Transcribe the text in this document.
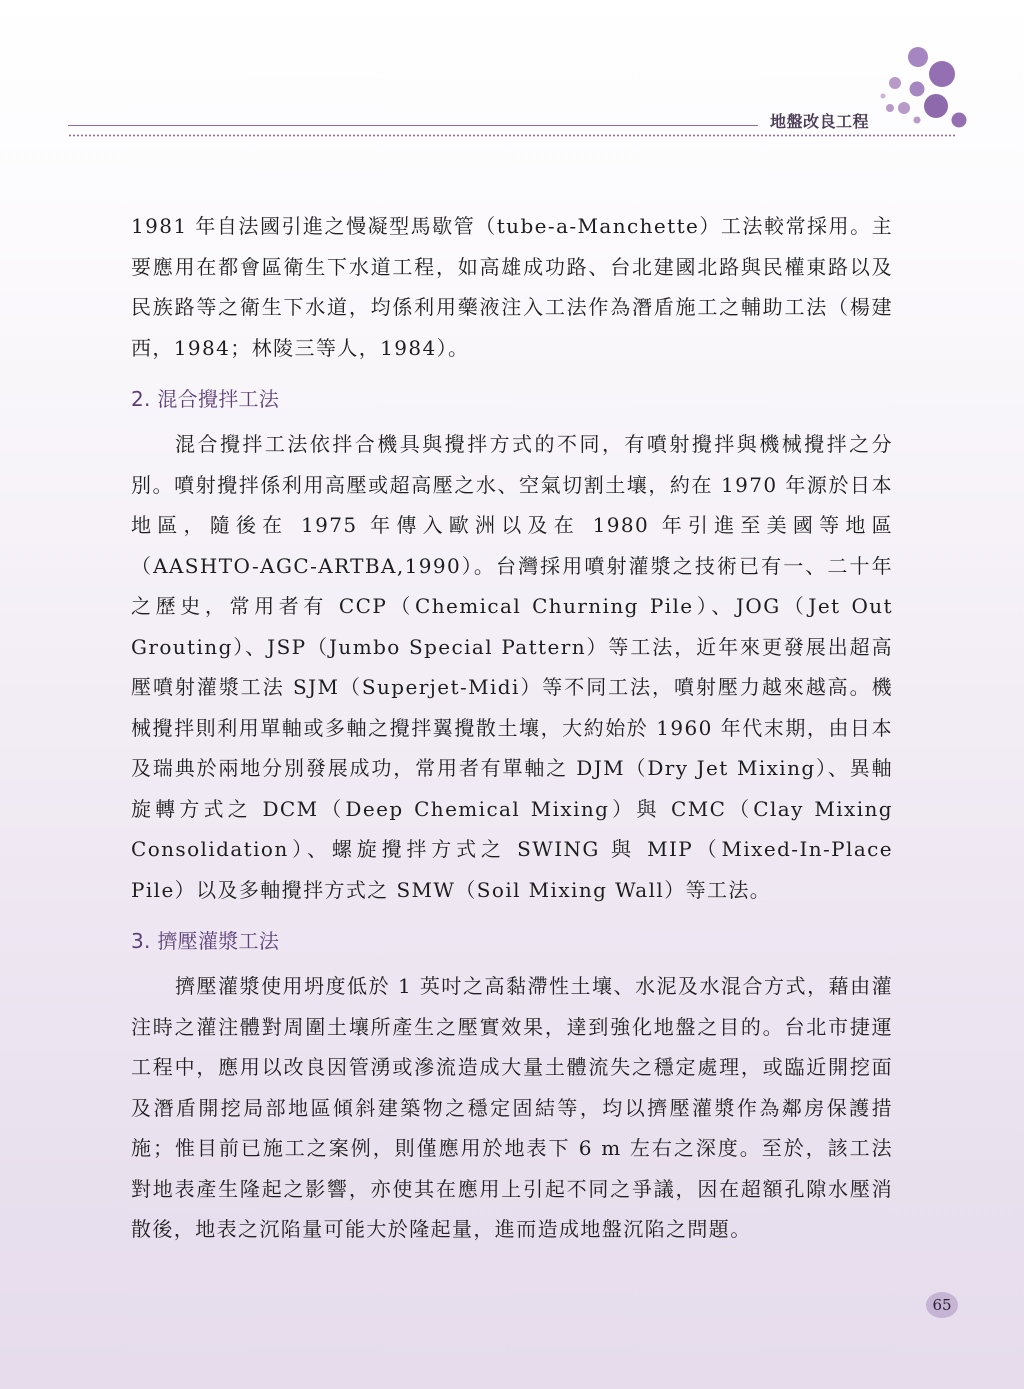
地盤改良工程

1981 年自法國引進之慢凝型馬歇管（tube-a-Manchette）工法較常採用。主要應用在都會區衛生下水道工程，如高雄成功路、台北建國北路與民權東路以及民族路等之衛生下水道，均係利用藥液注入工法作為潛盾施工之輔助工法（楊建西，1984；林陵三等人，1984）。

2. 混合攪拌工法

混合攪拌工法依拌合機具與攪拌方式的不同，有噴射攪拌與機械攪拌之分別。噴射攪拌係利用高壓或超高壓之水、空氣切割土壤，約在 1970 年源於日本地區，隨後在 1975 年傳入歐洲以及在 1980 年引進至美國等地區（AASHTO-AGC-ARTBA,1990）。台灣採用噴射灌漿之技術已有一、二十年之歷史，常用者有 CCP（Chemical Churning Pile）、JOG（Jet Out Grouting）、JSP（Jumbo Special Pattern）等工法，近年來更發展出超高壓噴射灌漿工法 SJM（Superjet-Midi）等不同工法，噴射壓力越來越高。機械攪拌則利用單軸或多軸之攪拌翼攪散土壤，大約始於 1960 年代末期，由日本及瑞典於兩地分別發展成功，常用者有單軸之 DJM（Dry Jet Mixing）、異軸旋轉方式之 DCM（Deep Chemical Mixing）與 CMC（Clay Mixing Consolidation）、螺旋攪拌方式之 SWING 與 MIP（Mixed-In-Place Pile）以及多軸攪拌方式之 SMW（Soil Mixing Wall）等工法。

3. 擠壓灌漿工法

擠壓灌漿使用坍度低於 1 英吋之高黏滯性土壤、水泥及水混合方式，藉由灌注時之灌注體對周圍土壤所產生之壓實效果，達到強化地盤之目的。台北市捷運工程中，應用以改良因管湧或滲流造成大量土體流失之穩定處理，或臨近開挖面及潛盾開挖局部地區傾斜建築物之穩定固結等，均以擠壓灌漿作為鄰房保護措施；惟目前已施工之案例，則僅應用於地表下 6 m 左右之深度。至於，該工法對地表產生隆起之影響，亦使其在應用上引起不同之爭議，因在超額孔隙水壓消散後，地表之沉陷量可能大於隆起量，進而造成地盤沉陷之問題。

65
